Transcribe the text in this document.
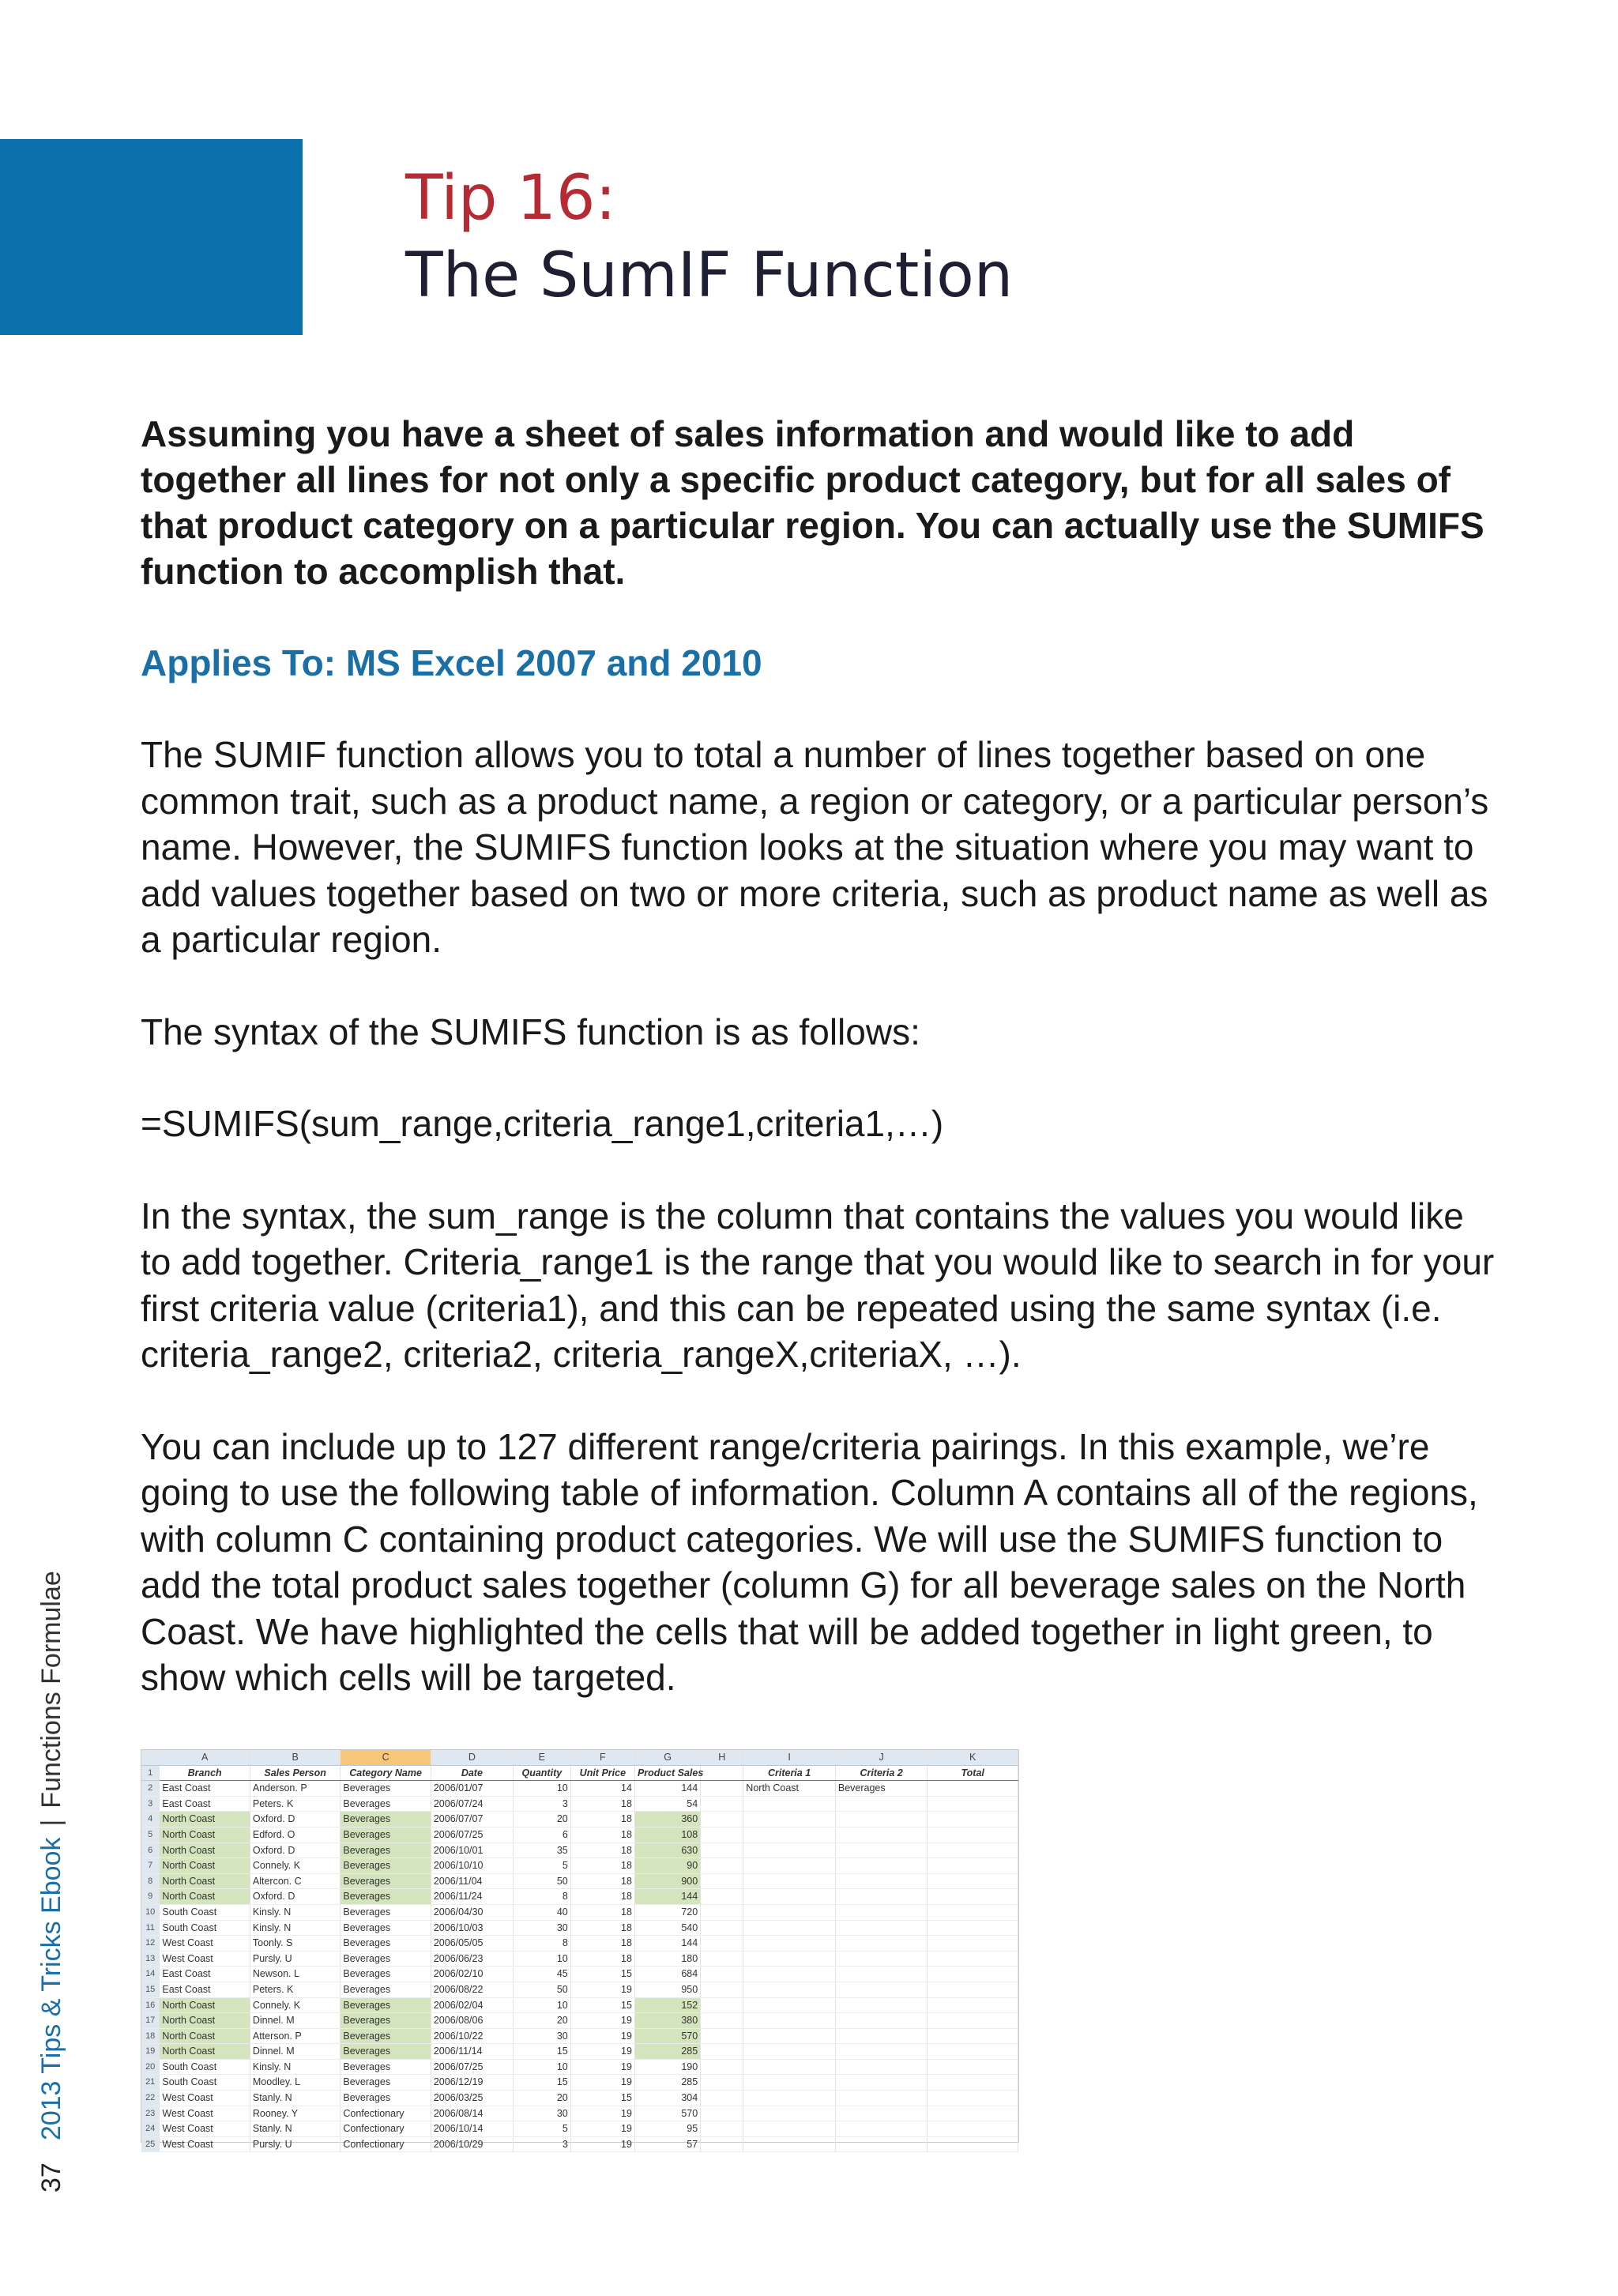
Tip 16:
The SumIF Function

Assuming you have a sheet of sales information and would like to add together all lines for not only a specific product category, but for all sales of that product category on a particular region. You can actually use the SUMIFS function to accomplish that.

Applies To: MS Excel 2007 and 2010

The SUMIF function allows you to total a number of lines together based on one common trait, such as a product name, a region or category, or a particular person’s name. However, the SUMIFS function looks at the situation where you may want to add values together based on two or more criteria, such as product name as well as a particular region.

The syntax of the SUMIFS function is as follows:

=SUMIFS(sum_range,criteria_range1,criteria1,…)

In the syntax, the sum_range is the column that contains the values you would like to add together. Criteria_range1 is the range that you would like to search in for your first criteria value (criteria1), and this can be repeated using the same syntax (i.e. criteria_range2, criteria2, criteria_rangeX,criteriaX, …).

You can include up to 127 different range/criteria pairings. In this example, we’re going to use the following table of information. Column A contains all of the regions, with column C containing product categories. We will use the SUMIFS function to add the total product sales together (column G) for all beverage sales on the North Coast. We have highlighted the cells that will be added together in light green, to show which cells will be targeted.

	A	B	C	D	E	F	G	H	I	J	K
1	Branch	Sales Person	Category Name	Date	Quantity	Unit Price	Product Sales		Criteria 1	Criteria 2	Total
2	East Coast	Anderson. P	Beverages	2006/01/07	10	14	144		North Coast	Beverages	
3	East Coast	Peters. K	Beverages	2006/07/24	3	18	54				
4	North Coast	Oxford. D	Beverages	2006/07/07	20	18	360				
5	North Coast	Edford. O	Beverages	2006/07/25	6	18	108				
6	North Coast	Oxford. D	Beverages	2006/10/01	35	18	630				
7	North Coast	Connely. K	Beverages	2006/10/10	5	18	90				
8	North Coast	Altercon. C	Beverages	2006/11/04	50	18	900				
9	North Coast	Oxford. D	Beverages	2006/11/24	8	18	144				
10	South Coast	Kinsly. N	Beverages	2006/04/30	40	18	720				
11	South Coast	Kinsly. N	Beverages	2006/10/03	30	18	540				
12	West Coast	Toonly. S	Beverages	2006/05/05	8	18	144				
13	West Coast	Pursly. U	Beverages	2006/06/23	10	18	180				
14	East Coast	Newson. L	Beverages	2006/02/10	45	15	684				
15	East Coast	Peters. K	Beverages	2006/08/22	50	19	950				
16	North Coast	Connely. K	Beverages	2006/02/04	10	15	152				
17	North Coast	Dinnel. M	Beverages	2006/08/06	20	19	380				
18	North Coast	Atterson. P	Beverages	2006/10/22	30	19	570				
19	North Coast	Dinnel. M	Beverages	2006/11/14	15	19	285				
20	South Coast	Kinsly. N	Beverages	2006/07/25	10	19	190				
21	South Coast	Moodley. L	Beverages	2006/12/19	15	19	285				
22	West Coast	Stanly. N	Beverages	2006/03/25	20	15	304				
23	West Coast	Rooney. Y	Confectionary	2006/08/14	30	19	570				
24	West Coast	Stanly. N	Confectionary	2006/10/14	5	19	95				
25	West Coast	Pursly. U	Confectionary	2006/10/29	3	19	57				
37
2013 Tips & Tricks Ebook
|
Functions Formulae
